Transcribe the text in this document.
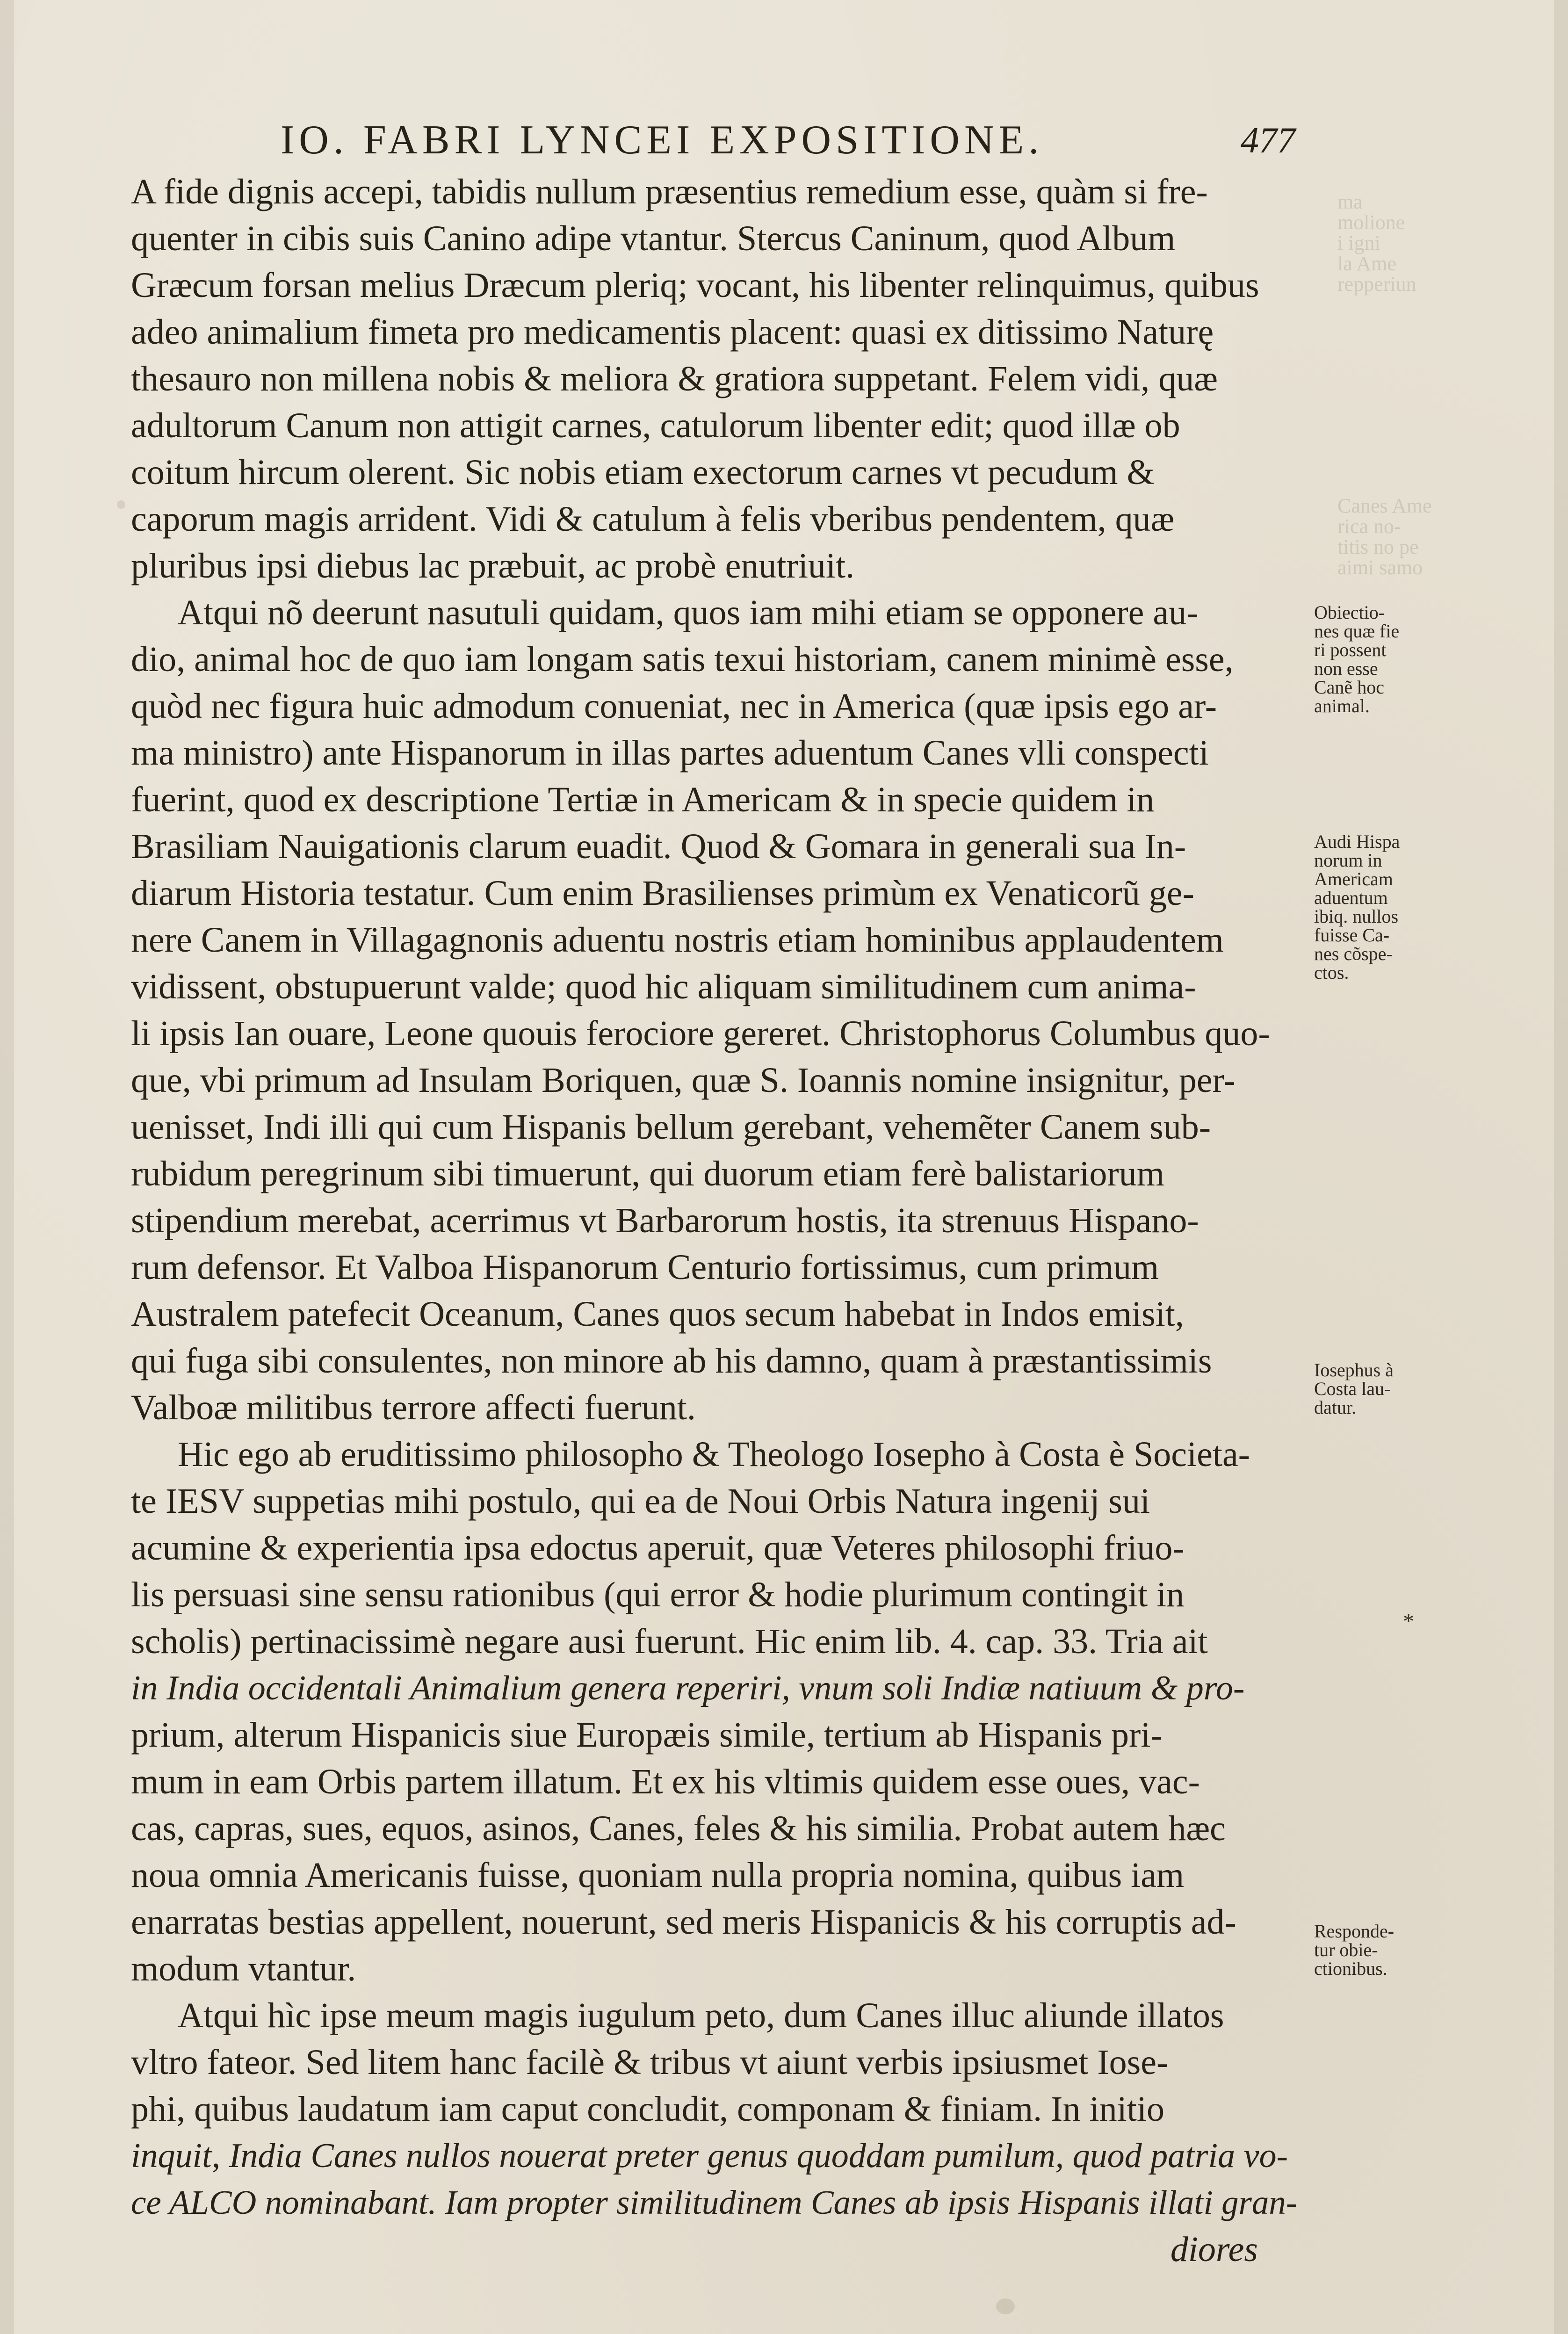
IO. FABRI LYNCEI EXPOSITIONE.	477
A fide dignis accepi, tabidis nullum præsentius remedium esse, quàm si fre-
quenter in cibis suis Canino adipe vtantur. Stercus Caninum, quod Album
Græcum forsan melius Dræcum pleriq; vocant, his libenter relinquimus, quibus
adeo animalium fimeta pro medicamentis placent: quasi ex ditissimo Naturę
thesauro non millena nobis & meliora & gratiora suppetant. Felem vidi, quæ
adultorum Canum non attigit carnes, catulorum libenter edit; quod illæ ob
coitum hircum olerent. Sic nobis etiam exectorum carnes vt pecudum &
caporum magis arrident. Vidi & catulum à felis vberibus pendentem, quæ
pluribus ipsi diebus lac præbuit, ac probè enutriuit.
Atqui nõ deerunt nasutuli quidam, quos iam mihi etiam se opponere au-
dio, animal hoc de quo iam longam satis texui historiam, canem minimè esse,
quòd nec figura huic admodum conueniat, nec in America (quæ ipsis ego ar-
ma ministro) ante Hispanorum in illas partes aduentum Canes vlli conspecti
fuerint, quod ex descriptione Tertiæ in Americam & in specie quidem in
Brasiliam Nauigationis clarum euadit. Quod & Gomara in generali sua In-
diarum Historia testatur. Cum enim Brasilienses primùm ex Venaticorũ ge-
nere Canem in Villagagnonis aduentu nostris etiam hominibus applaudentem
vidissent, obstupuerunt valde; quod hic aliquam similitudinem cum anima-
li ipsis Ian ouare, Leone quouis ferociore gereret. Christophorus Columbus quo-
que, vbi primum ad Insulam Boriquen, quæ S. Ioannis nomine insignitur, per-
uenisset, Indi illi qui cum Hispanis bellum gerebant, vehemẽter Canem sub-
rubidum peregrinum sibi timuerunt, qui duorum etiam ferè balistariorum
stipendium merebat, acerrimus vt Barbarorum hostis, ita strenuus Hispano-
rum defensor. Et Valboa Hispanorum Centurio fortissimus, cum primum
Australem patefecit Oceanum, Canes quos secum habebat in Indos emisit,
qui fuga sibi consulentes, non minore ab his damno, quam à præstantissimis
Valboæ militibus terrore affecti fuerunt.
Hic ego ab eruditissimo philosopho & Theologo Iosepho à Costa è Societa-
te IESV suppetias mihi postulo, qui ea de Noui Orbis Natura ingenij sui
acumine & experientia ipsa edoctus aperuit, quæ Veteres philosophi friuo-
lis persuasi sine sensu rationibus (qui error & hodie plurimum contingit in
scholis) pertinacissimè negare ausi fuerunt. Hic enim lib. 4. cap. 33. Tria ait
in India occidentali Animalium genera reperiri, vnum soli Indiæ natiuum & pro-
prium, alterum Hispanicis siue Europæis simile, tertium ab Hispanis pri-
mum in eam Orbis partem illatum. Et ex his vltimis quidem esse oues, vac-
cas, capras, sues, equos, asinos, Canes, feles & his similia. Probat autem hæc
noua omnia Americanis fuisse, quoniam nulla propria nomina, quibus iam
enarratas bestias appellent, nouerunt, sed meris Hispanicis & his corruptis ad-
modum vtantur.
Atqui hìc ipse meum magis iugulum peto, dum Canes illuc aliunde illatos
vltro fateor. Sed litem hanc facilè & tribus vt aiunt verbis ipsiusmet Iose-
phi, quibus laudatum iam caput concludit, componam & finiam. In initio
inquit, India Canes nullos nouerat preter genus quoddam pumilum, quod patria vo-
ce ALCO nominabant. Iam propter similitudinem Canes ab ipsis Hispanis illati gran-
diores
Obiectio-
nes quæ fie
ri possent
non esse
Canẽ hoc
animal.
Audi Hispa
norum in
Americam
aduentum
ibiq. nullos
fuisse Ca-
nes cõspe-
ctos.
Iosephus à
Costa lau-
datur.
Responde-
tur obie-
ctionibus.
ma
molione
i igni
la Ame
repperiun
Canes Ame
rica no-
titis no pe
aimi samo
*
